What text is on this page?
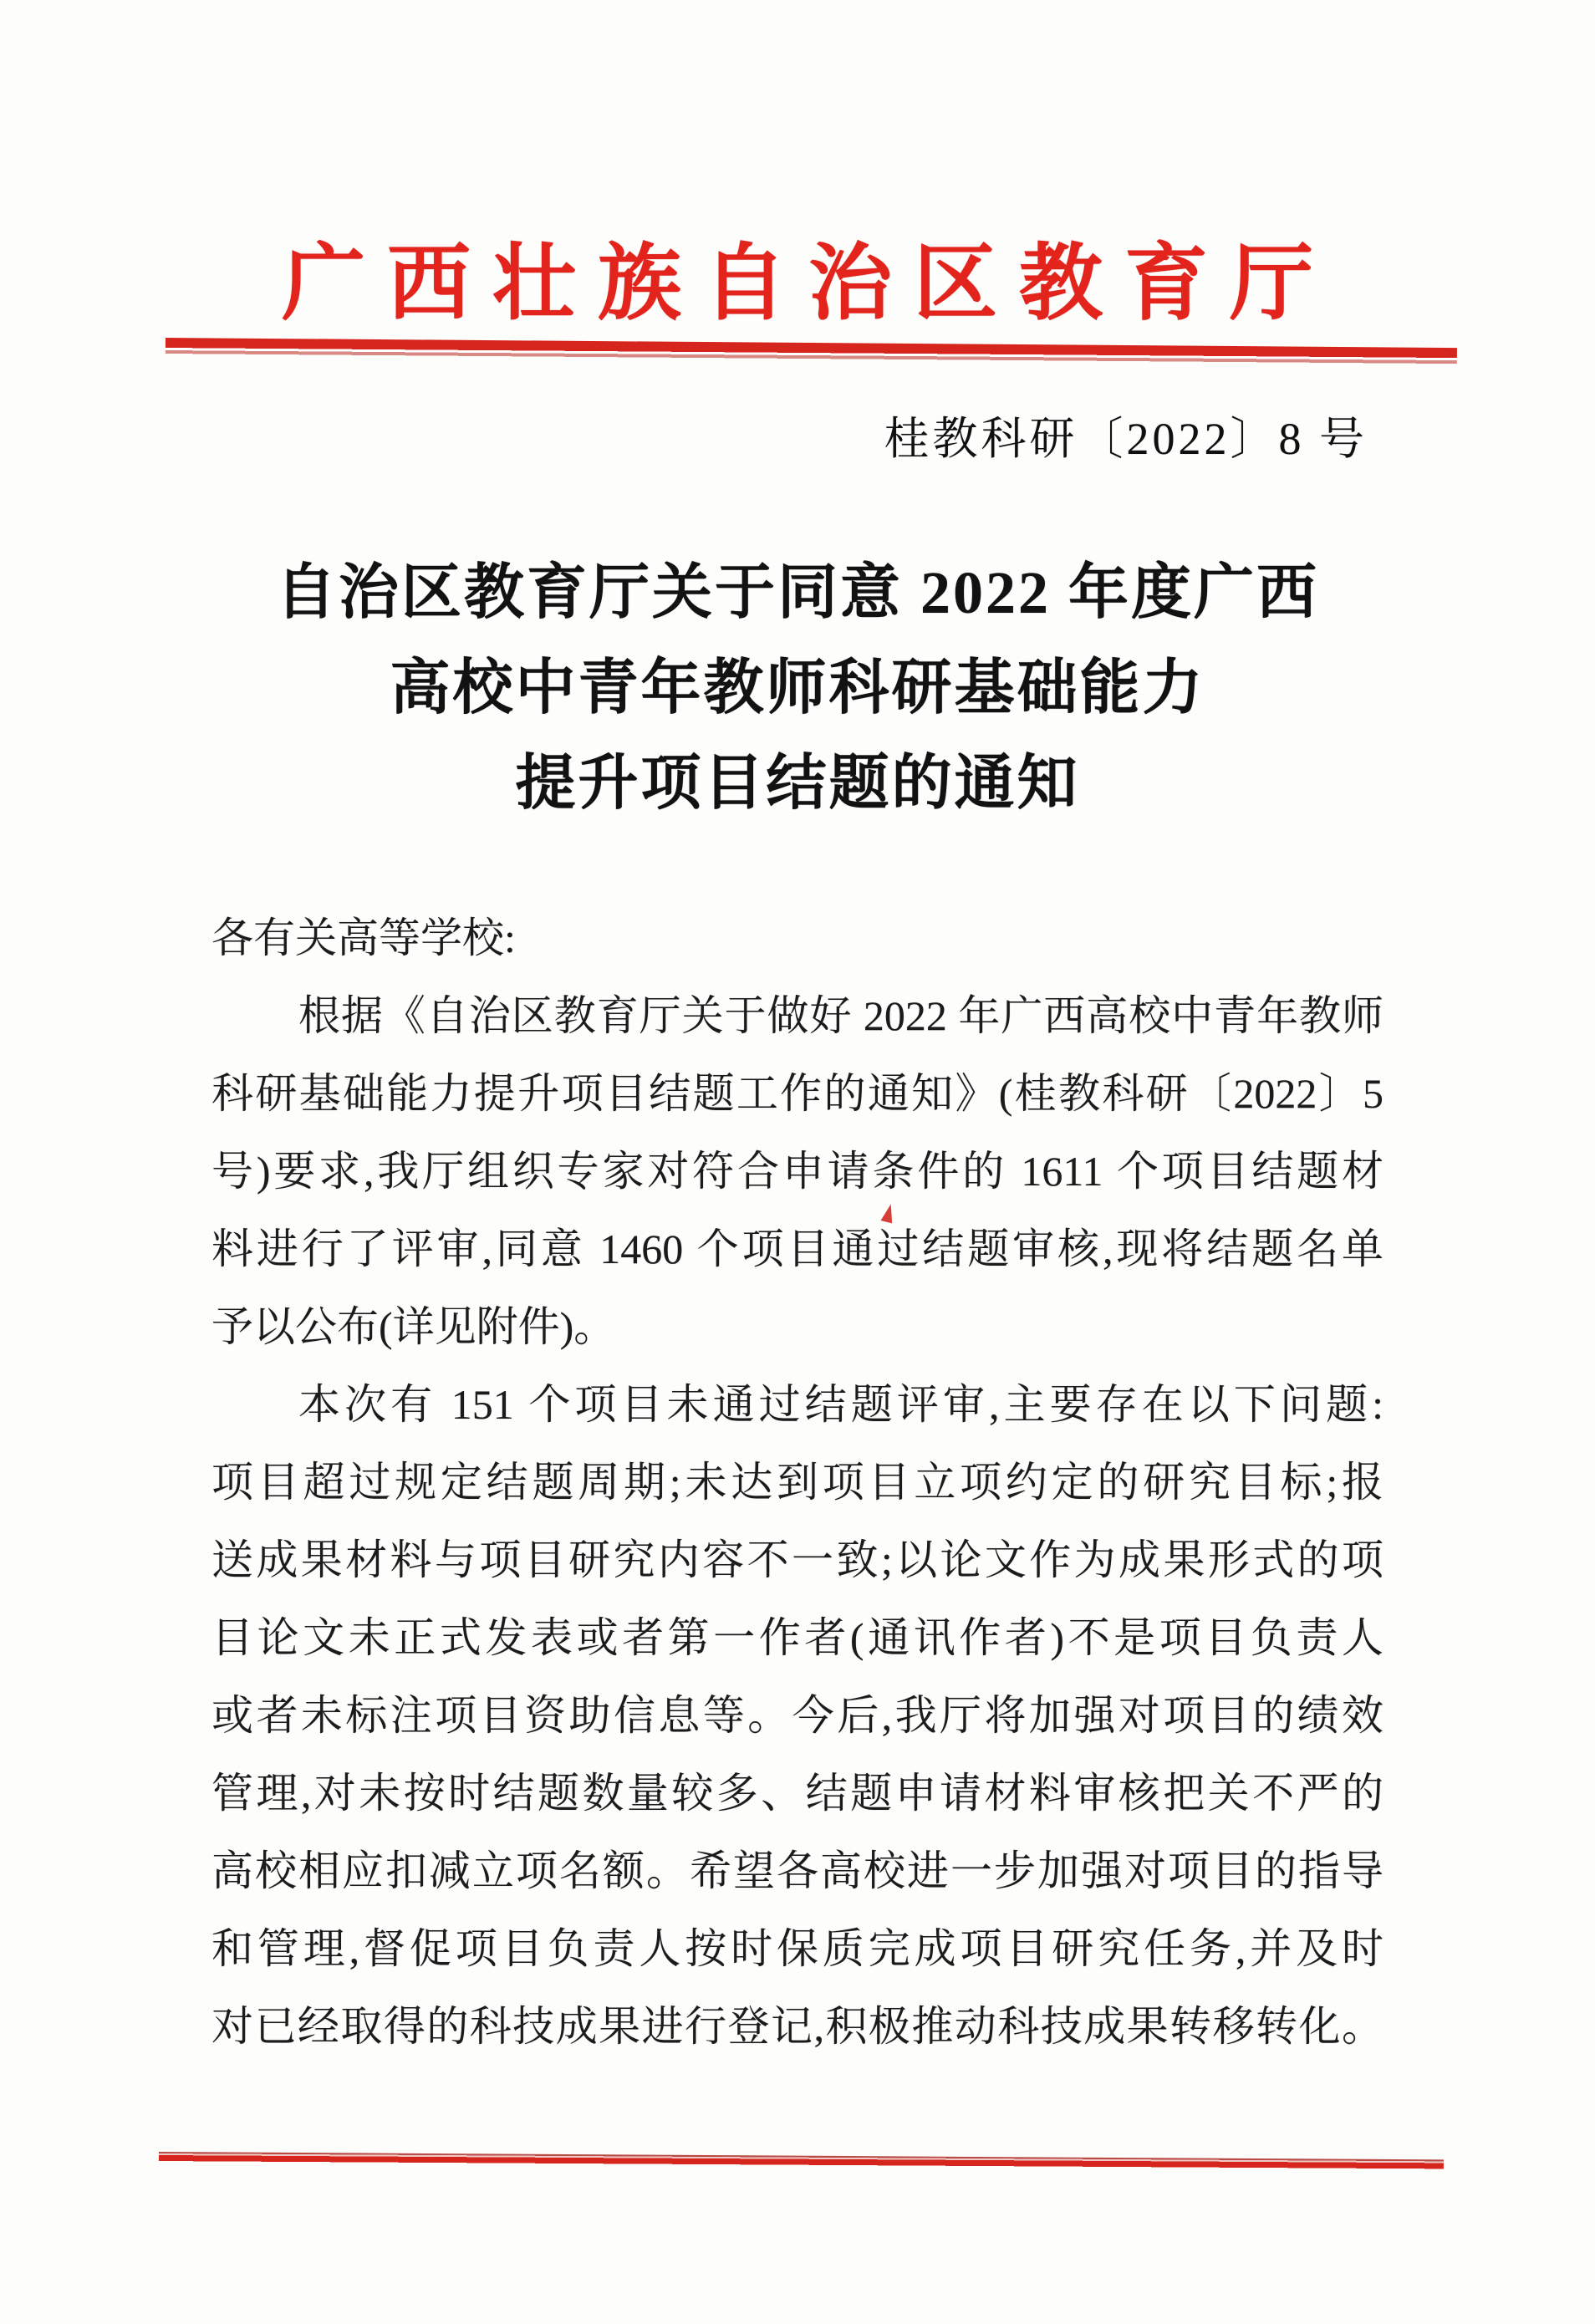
广西壮族自治区教育厅
桂教科研〔2022〕8 号
自治区教育厅关于同意 2022 年度广西
高校中青年教师科研基础能力
提升项目结题的通知
各有关高等学校:
根据《自治区教育厅关于做好 2022 年广西高校中青年教师
科研基础能力提升项目结题工作的通知》(桂教科研〔2022〕5
号)要求,我厅组织专家对符合申请条件的 1611 个项目结题材
料进行了评审,同意 1460 个项目通过结题审核,现将结题名单
予以公布(详见附件)。
本次有 151 个项目未通过结题评审,主要存在以下问题:
项目超过规定结题周期;未达到项目立项约定的研究目标;报
送成果材料与项目研究内容不一致;以论文作为成果形式的项
目论文未正式发表或者第一作者(通讯作者)不是项目负责人
或者未标注项目资助信息等。今后,我厅将加强对项目的绩效
管理,对未按时结题数量较多、结题申请材料审核把关不严的
高校相应扣减立项名额。希望各高校进一步加强对项目的指导
和管理,督促项目负责人按时保质完成项目研究任务,并及时
对已经取得的科技成果进行登记,积极推动科技成果转移转化。
